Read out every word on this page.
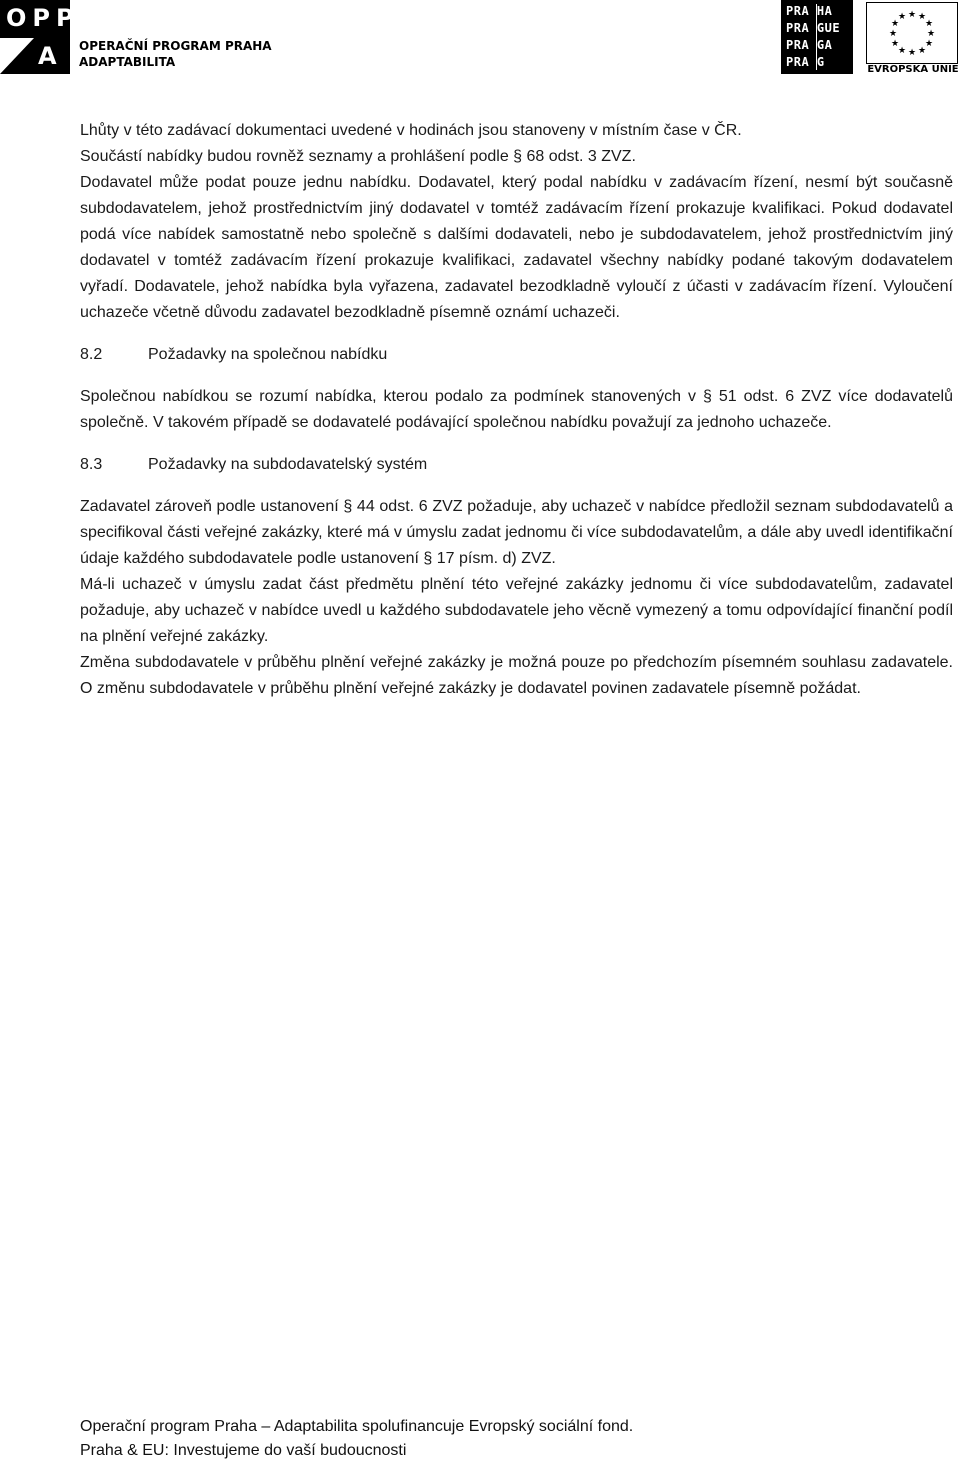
OPP
A OPERAČNÍ PROGRAM PRAHA
ADAPTABILITA
PRA HA
PRA GUE
PRA GA
PRA G
★ ★
★
★
★
★
★
★
★
★
★
★
EVROPSKÁ UNIE

Lhůty v této zadávací dokumentaci uvedené v hodinách jsou stanoveny v místním čase v ČR.

Součástí nabídky budou rovněž seznamy a prohlášení podle § 68 odst. 3 ZVZ.

Dodavatel může podat pouze jednu nabídku. Dodavatel, který podal nabídku v zadávacím řízení, nesmí být současně subdodavatelem, jehož prostřednictvím jiný dodavatel v tomtéž zadávacím řízení prokazuje kvalifikaci. Pokud dodavatel podá více nabídek samostatně nebo společně s dalšími dodavateli, nebo je subdodavatelem, jehož prostřednictvím jiný dodavatel v tomtéž zadávacím řízení prokazuje kvalifikaci, zadavatel všechny nabídky podané takovým dodavatelem vyřadí. Dodavatele, jehož nabídka byla vyřazena, zadavatel bezodkladně vyloučí z účasti v zadávacím řízení. Vyloučení uchazeče včetně důvodu zadavatel bezodkladně písemně oznámí uchazeči.

8.2	Požadavky na společnou nabídku

Společnou nabídkou se rozumí nabídka, kterou podalo za podmínek stanovených v § 51 odst. 6 ZVZ více dodavatelů společně. V takovém případě se dodavatelé podávající společnou nabídku považují za jednoho uchazeče.

8.3	Požadavky na subdodavatelský systém

Zadavatel zároveň podle ustanovení § 44 odst. 6 ZVZ požaduje, aby uchazeč v nabídce předložil seznam subdodavatelů a specifikoval části veřejné zakázky, které má v úmyslu zadat jednomu či více subdodavatelům, a dále aby uvedl identifikační údaje každého subdodavatele podle ustanovení § 17 písm. d) ZVZ.

Má-li uchazeč v úmyslu zadat část předmětu plnění této veřejné zakázky jednomu či více subdodavatelům, zadavatel požaduje, aby uchazeč v nabídce uvedl u každého subdodavatele jeho věcně vymezený a tomu odpovídající finanční podíl na plnění veřejné zakázky.

Změna subdodavatele v průběhu plnění veřejné zakázky je možná pouze po předchozím písemném souhlasu zadavatele. O změnu subdodavatele v průběhu plnění veřejné zakázky je dodavatel povinen zadavatele písemně požádat.

Operační program Praha – Adaptabilita spolufinancuje Evropský sociální fond.
Praha & EU: Investujeme do vaší budoucnosti
